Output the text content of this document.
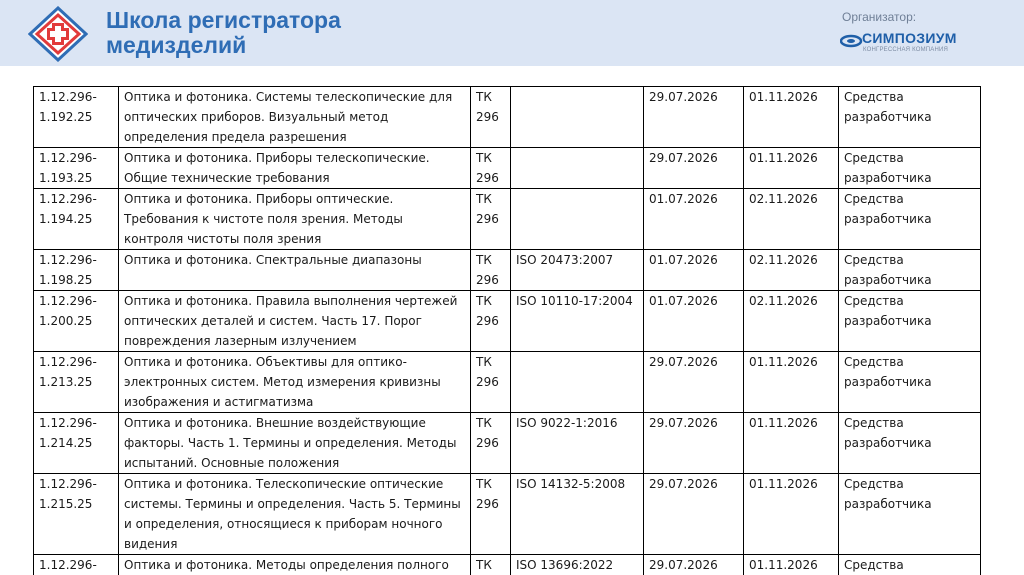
Школа регистратора
медизделий
Организатор:
СИМПОЗИУМ
КОНГРЕССНАЯ КОМПАНИЯ
1.12.296-1.192.25	Оптика и фотоника. Системы телескопические для оптических приборов. Визуальный метод определения предела разрешения	ТК 296		29.07.2026	01.11.2026	Средства разработчика
1.12.296-1.193.25	Оптика и фотоника. Приборы телескопические. Общие технические требования	ТК 296		29.07.2026	01.11.2026	Средства разработчика
1.12.296-1.194.25	Оптика и фотоника. Приборы оптические. Требования к чистоте поля зрения. Методы контроля чистоты поля зрения	ТК 296		01.07.2026	02.11.2026	Средства разработчика
1.12.296-1.198.25	Оптика и фотоника. Спектральные диапазоны	ТК 296	ISO 20473:2007	01.07.2026	02.11.2026	Средства разработчика
1.12.296-1.200.25	Оптика и фотоника. Правила выполнения чертежей оптических деталей и систем. Часть 17. Порог повреждения лазерным излучением	ТК 296	ISO 10110-17:2004	01.07.2026	02.11.2026	Средства разработчика
1.12.296-1.213.25	Оптика и фотоника. Объективы для оптико-электронных систем. Метод измерения кривизны изображения и астигматизма	ТК 296		29.07.2026	01.11.2026	Средства разработчика
1.12.296-1.214.25	Оптика и фотоника. Внешние воздействующие факторы. Часть 1. Термины и определения. Методы испытаний. Основные положения	ТК 296	ISO 9022-1:2016	29.07.2026	01.11.2026	Средства разработчика
1.12.296-1.215.25	Оптика и фотоника. Телескопические оптические системы. Термины и определения. Часть 5. Термины и определения, относящиеся к приборам ночного видения	ТК 296	ISO 14132-5:2008	29.07.2026	01.11.2026	Средства разработчика
1.12.296-	Оптика и фотоника. Методы определения полного	ТК	ISO 13696:2022	29.07.2026	01.11.2026	Средства
